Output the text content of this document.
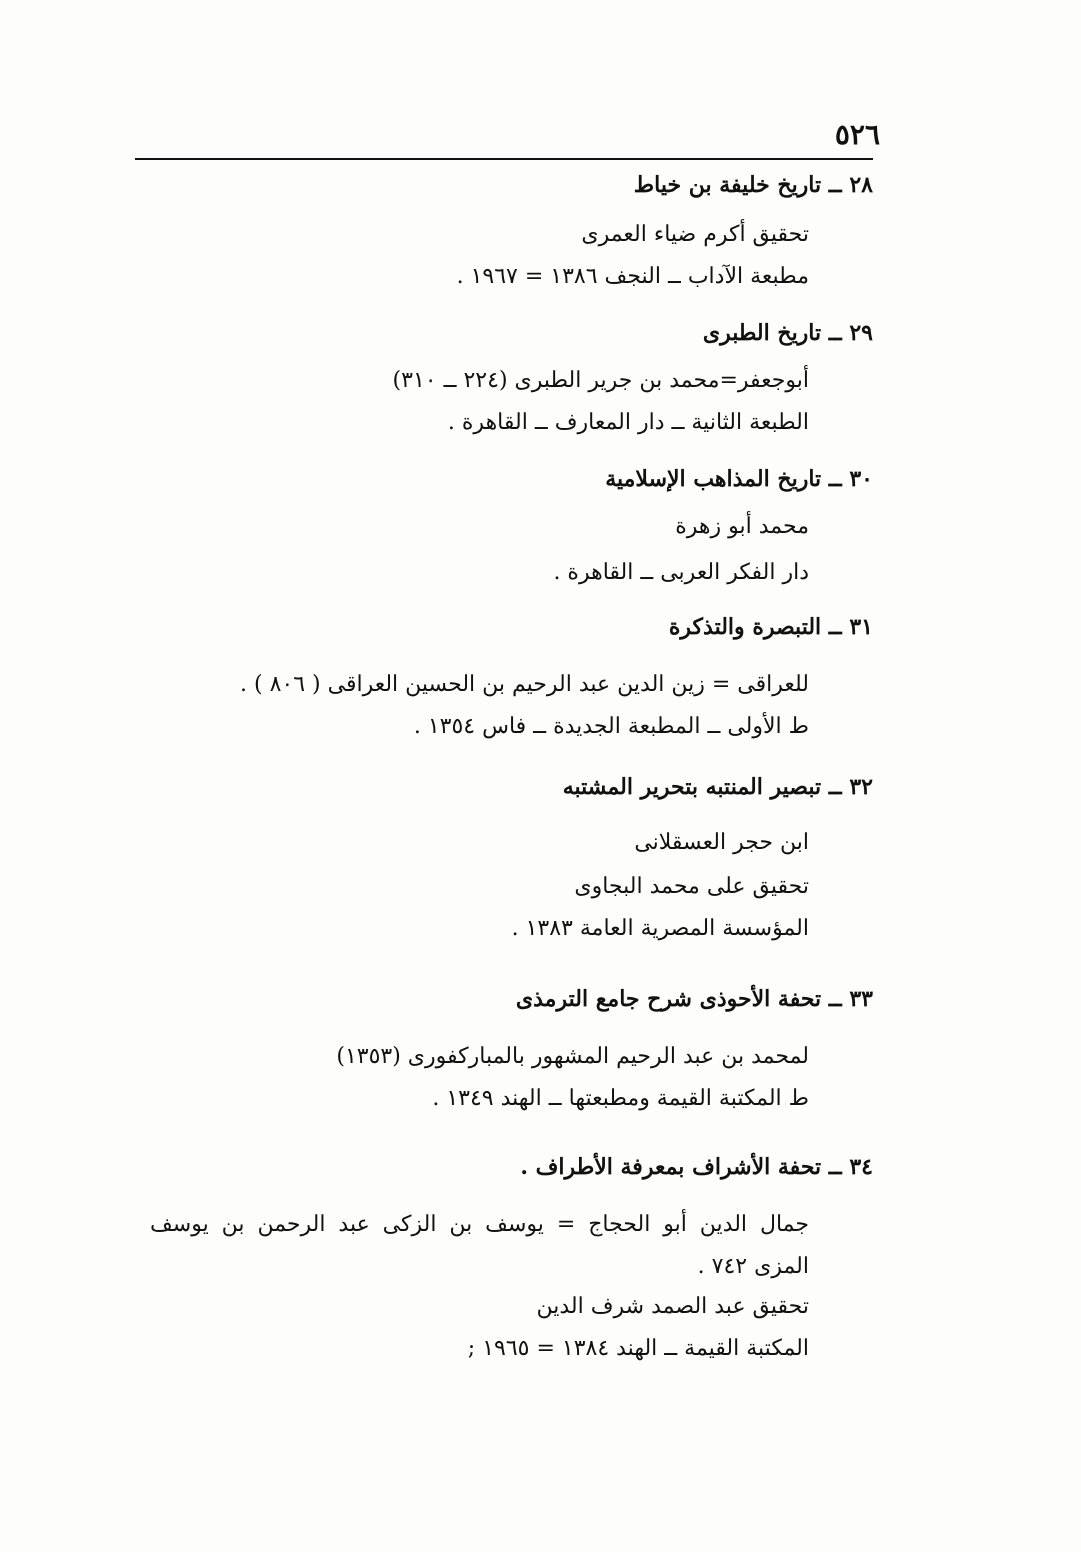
٥٢٦
٢٨ ــ تاريخ خليفة بن خياط
تحقيق أكرم ضياء العمرى
مطبعة الآداب ــ النجف ١٣٨٦ = ١٩٦٧ .
٢٩ ــ تاريخ الطبرى
أبوجعفر=محمد بن جرير الطبرى (٢٢٤ ــ ٣١٠)
الطبعة الثانية ــ دار المعارف ــ القاهرة .
٣٠ ــ تاريخ المذاهب الإسلامية
محمد أبو زهرة
دار الفكر العربى ــ القاهرة .
٣١ ــ التبصرة والتذكرة
للعراقى = زين الدين عبد الرحيم بن الحسين العراقى ( ٨٠٦ ) .
ط الأولى ــ المطبعة الجديدة ــ فاس ١٣٥٤ .
٣٢ ــ تبصير المنتبه بتحرير المشتبه
ابن حجر العسقلانى
تحقيق على محمد البجاوى
المؤسسة المصرية العامة ١٣٨٣ .
٣٣ ــ تحفة الأحوذى شرح جامع الترمذى
لمحمد بن عبد الرحيم المشهور بالمباركفورى (١٣٥٣)
ط المكتبة القيمة ومطبعتها ــ الهند ١٣٤٩ .
٣٤ ــ تحفة الأشراف بمعرفة الأطراف .
جمال الدين أبو الحجاج = يوسف بن الزكى عبد الرحمن بن يوسف
المزى ٧٤٢ .
تحقيق عبد الصمد شرف الدين
المكتبة القيمة ــ الهند ١٣٨٤ = ١٩٦٥ ;
